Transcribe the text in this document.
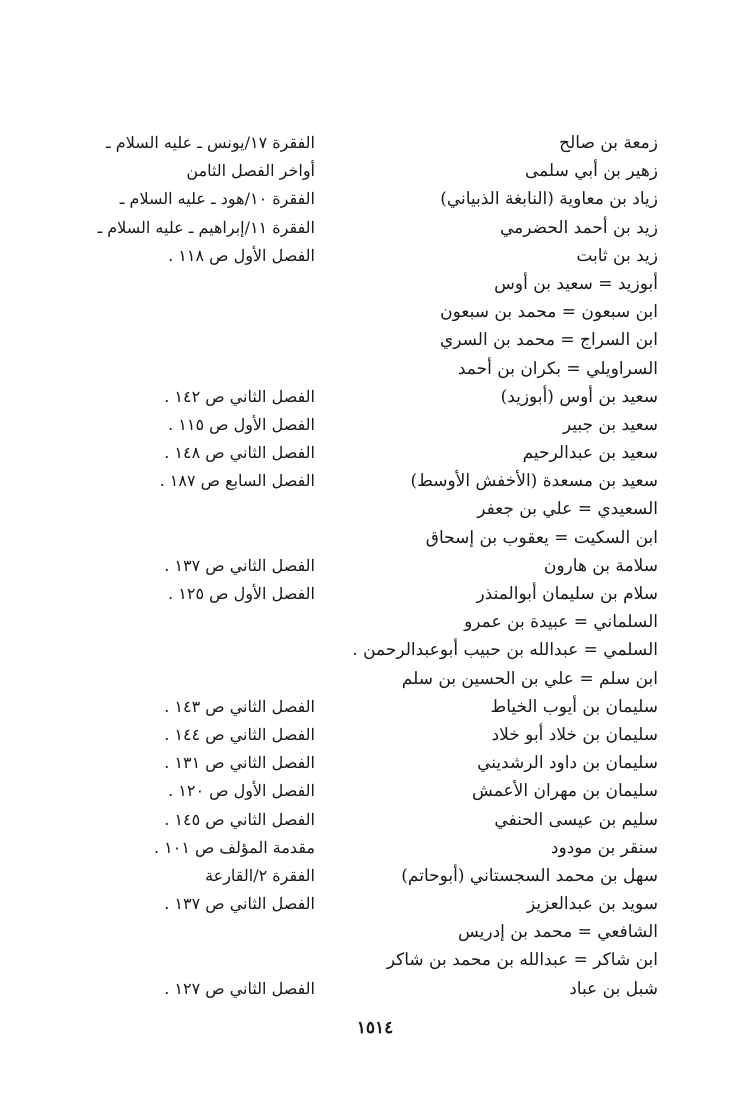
زمعة بن صالح
الفقرة ١٧/يونس ـ عليه السلام ـ
زهير بن أبي سلمى
أواخر الفصل الثامن
زياد بن معاوية (النابغة الذبياني)
الفقرة ١٠/هود ـ عليه السلام ـ
زيد بن أحمد الحضرمي
الفقرة ١١/إبراهيم ـ عليه السلام ـ
زيد بن ثابت
الفصل الأول ص ١١٨ .
أبوزيد = سعيد بن أوس
ابن سبعون = محمد بن سبعون
ابن السراج = محمد بن السري
السراويلي = بكران بن أحمد
سعيد بن أوس (أبوزيد)
الفصل الثاني ص ١٤٢ .
سعيد بن جبير
الفصل الأول ص ١١٥ .
سعيد بن عبدالرحيم
الفصل الثاني ص ١٤٨ .
سعيد بن مسعدة (الأخفش الأوسط)
الفصل السابع ص ١٨٧ .
السعيدي = علي بن جعفر
ابن السكيت = يعقوب بن إسحاق
سلامة بن هارون
الفصل الثاني ص ١٣٧ .
سلام بن سليمان أبوالمنذر
الفصل الأول ص ١٢٥ .
السلماني = عبيدة بن عمرو
السلمي = عبدالله بن حبيب أبوعبدالرحمن .
ابن سلم = علي بن الحسين بن سلم
سليمان بن أيوب الخياط
الفصل الثاني ص ١٤٣ .
سليمان بن خلاد أبو خلاد
الفصل الثاني ص ١٤٤ .
سليمان بن داود الرشديني
الفصل الثاني ص ١٣١ .
سليمان بن مهران الأعمش
الفصل الأول ص ١٢٠ .
سليم بن عيسى الحنفي
الفصل الثاني ص ١٤٥ .
سنقر بن مودود
مقدمة المؤلف ص ١٠١ .
سهل بن محمد السجستاني (أبوحاتم)
الفقرة ٢/القارعة
سويد بن عبدالعزيز
الفصل الثاني ص ١٣٧ .
الشافعي = محمد بن إدريس
ابن شاكر = عبدالله بن محمد بن شاكر
شبل بن عباد
الفصل الثاني ص ١٢٧ .
١٥١٤
